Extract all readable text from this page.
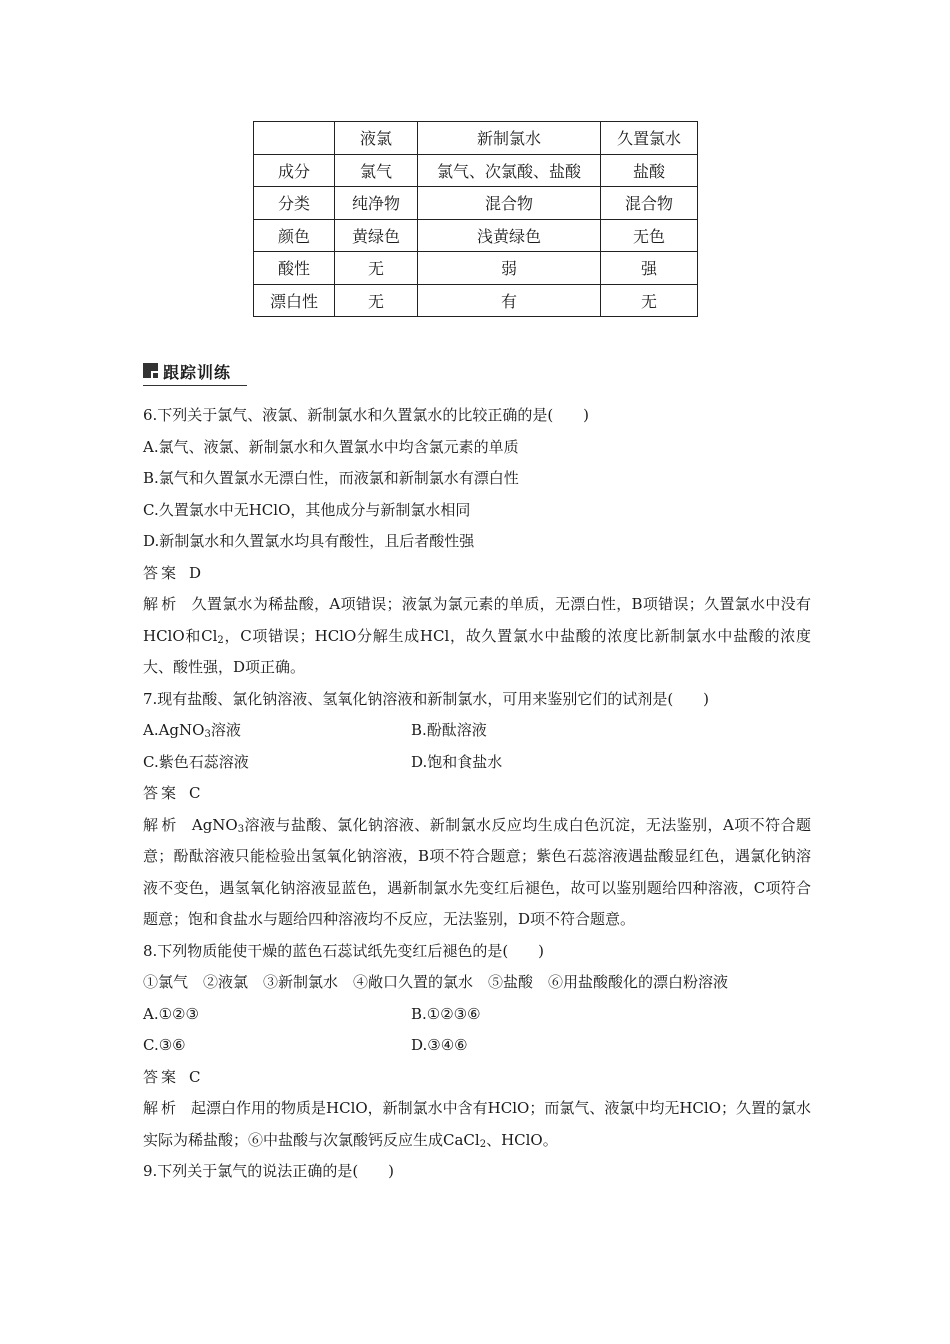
	液氯	新制氯水	久置氯水
成分	氯气	氯气、次氯酸、盐酸	盐酸
分类	纯净物	混合物	混合物
颜色	黄绿色	浅黄绿色	无色
酸性	无	弱	强
漂白性	无	有	无
跟踪训练
6.下列关于氯气、液氯、新制氯水和久置氯水的比较正确的是(　　)
A.氯气、液氯、新制氯水和久置氯水中均含氯元素的单质
B.氯气和久置氯水无漂白性，而液氯和新制氯水有漂白性
C.久置氯水中无HClO，其他成分与新制氯水相同
D.新制氯水和久置氯水均具有酸性，且后者酸性强
答案 D
解析 久置氯水为稀盐酸，A项错误；液氯为氯元素的单质，无漂白性，B项错误；久置氯水中没有HClO和$Cl_2$，C项错误；HClO分解生成HCl，故久置氯水中盐酸的浓度比新制氯水中盐酸的浓度大、酸性强，D项正确。
7.现有盐酸、氯化钠溶液、氢氧化钠溶液和新制氯水，可用来鉴别它们的试剂是(　　)
A.AgNO$_3$溶液	B.酚酞溶液
C.紫色石蕊溶液	D.饱和食盐水
答案 C
解析 AgNO$_3$溶液与盐酸、氯化钠溶液、新制氯水反应均生成白色沉淀，无法鉴别，A项不符合题意；酚酞溶液只能检验出氢氧化钠溶液，B项不符合题意；紫色石蕊溶液遇盐酸显红色，遇氯化钠溶液不变色，遇氢氧化钠溶液显蓝色，遇新制氯水先变红后褪色，故可以鉴别题给四种溶液，C项符合题意；饱和食盐水与题给四种溶液均不反应，无法鉴别，D项不符合题意。
8.下列物质能使干燥的蓝色石蕊试纸先变红后褪色的是(　　)
①氯气　②液氯　③新制氯水　④敞口久置的氯水　⑤盐酸　⑥用盐酸酸化的漂白粉溶液
A.①②③	B.①②③⑥
C.③⑥	D.③④⑥
答案 C
解析 起漂白作用的物质是HClO，新制氯水中含有HClO；而氯气、液氯中均无HClO；久置的氯水实际为稀盐酸；⑥中盐酸与次氯酸钙反应生成CaCl$_2$、HClO。
9.下列关于氯气的说法正确的是(　　)
